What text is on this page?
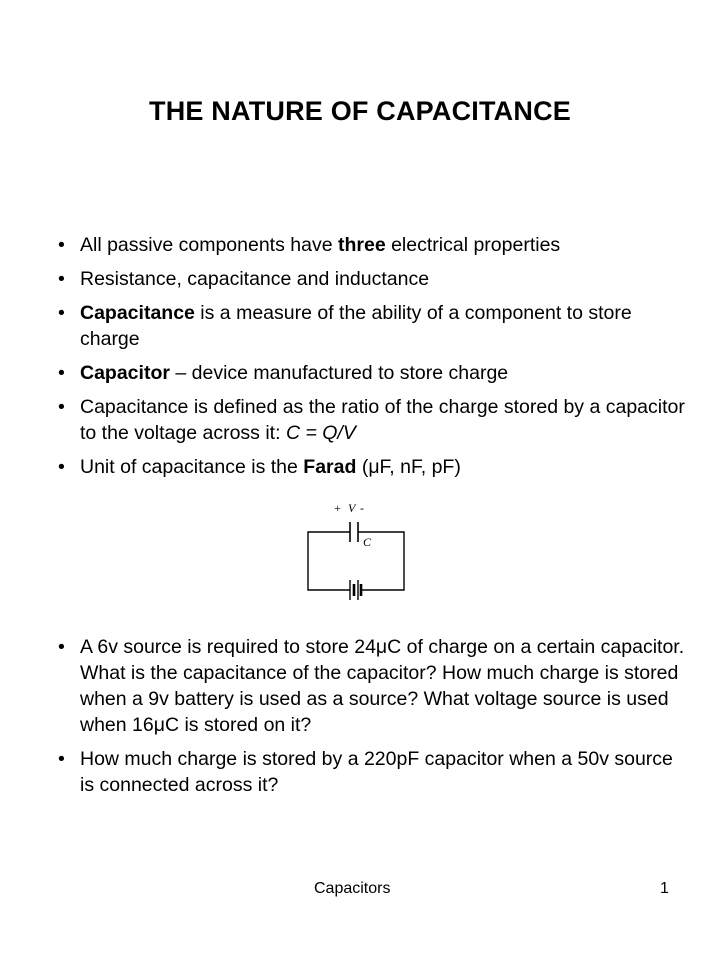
THE NATURE OF CAPACITANCE
• All passive components have three electrical properties
• Resistance, capacitance and inductance
• Capacitance is a measure of the ability of a component to store charge
• Capacitor – device manufactured to store charge
• Capacitance is defined as the ratio of the charge stored by a capacitor to the voltage across it: C = Q/V
• Unit of capacitance is the Farad (μF, nF, pF)
+ V -
C
• A 6v source is required to store 24μC of charge on a certain capacitor. What is the capacitance of the capacitor? How much charge is stored when a 9v battery is used as a source? What voltage source is used when 16μC is stored on it?
• How much charge is stored by a 220pF capacitor when a 50v source is connected across it?
Capacitors	1
